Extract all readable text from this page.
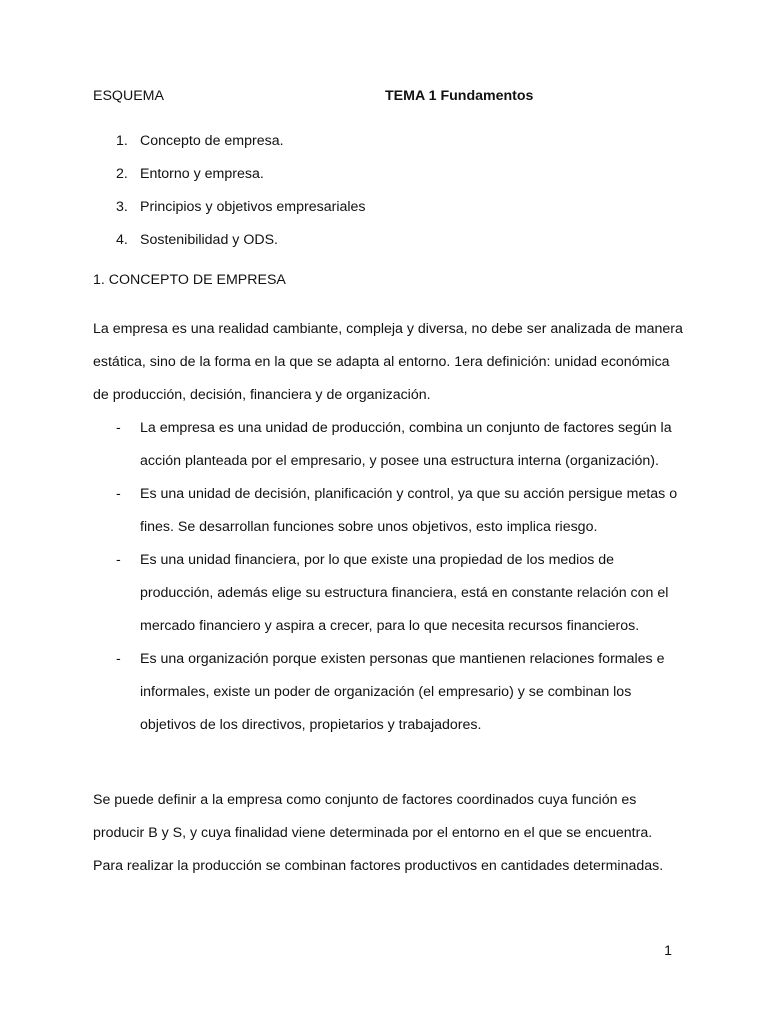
ESQUEMA	TEMA 1 Fundamentos
1. Concepto de empresa.
2. Entorno y empresa.
3. Principios y objetivos empresariales
4. Sostenibilidad y ODS.
1. CONCEPTO DE EMPRESA

La empresa es una realidad cambiante, compleja y diversa, no debe ser analizada de manera estática, sino de la forma en la que se adapta al entorno. 1era definición: unidad económica de producción, decisión, financiera y de organización.

-	La empresa es una unidad de producción, combina un conjunto de factores según la acción planteada por el empresario, y posee una estructura interna (organización).
-	Es una unidad de decisión, planificación y control, ya que su acción persigue metas o fines. Se desarrollan funciones sobre unos objetivos, esto implica riesgo.
-	Es una unidad financiera, por lo que existe una propiedad de los medios de producción, además elige su estructura financiera, está en constante relación con el mercado financiero y aspira a crecer, para lo que necesita recursos financieros.
-	Es una organización porque existen personas que mantienen relaciones formales e informales, existe un poder de organización (el empresario) y se combinan los objetivos de los directivos, propietarios y trabajadores.

Se puede definir a la empresa como conjunto de factores coordinados cuya función es producir B y S, y cuya finalidad viene determinada por el entorno en el que se encuentra. Para realizar la producción se combinan factores productivos en cantidades determinadas.

1
